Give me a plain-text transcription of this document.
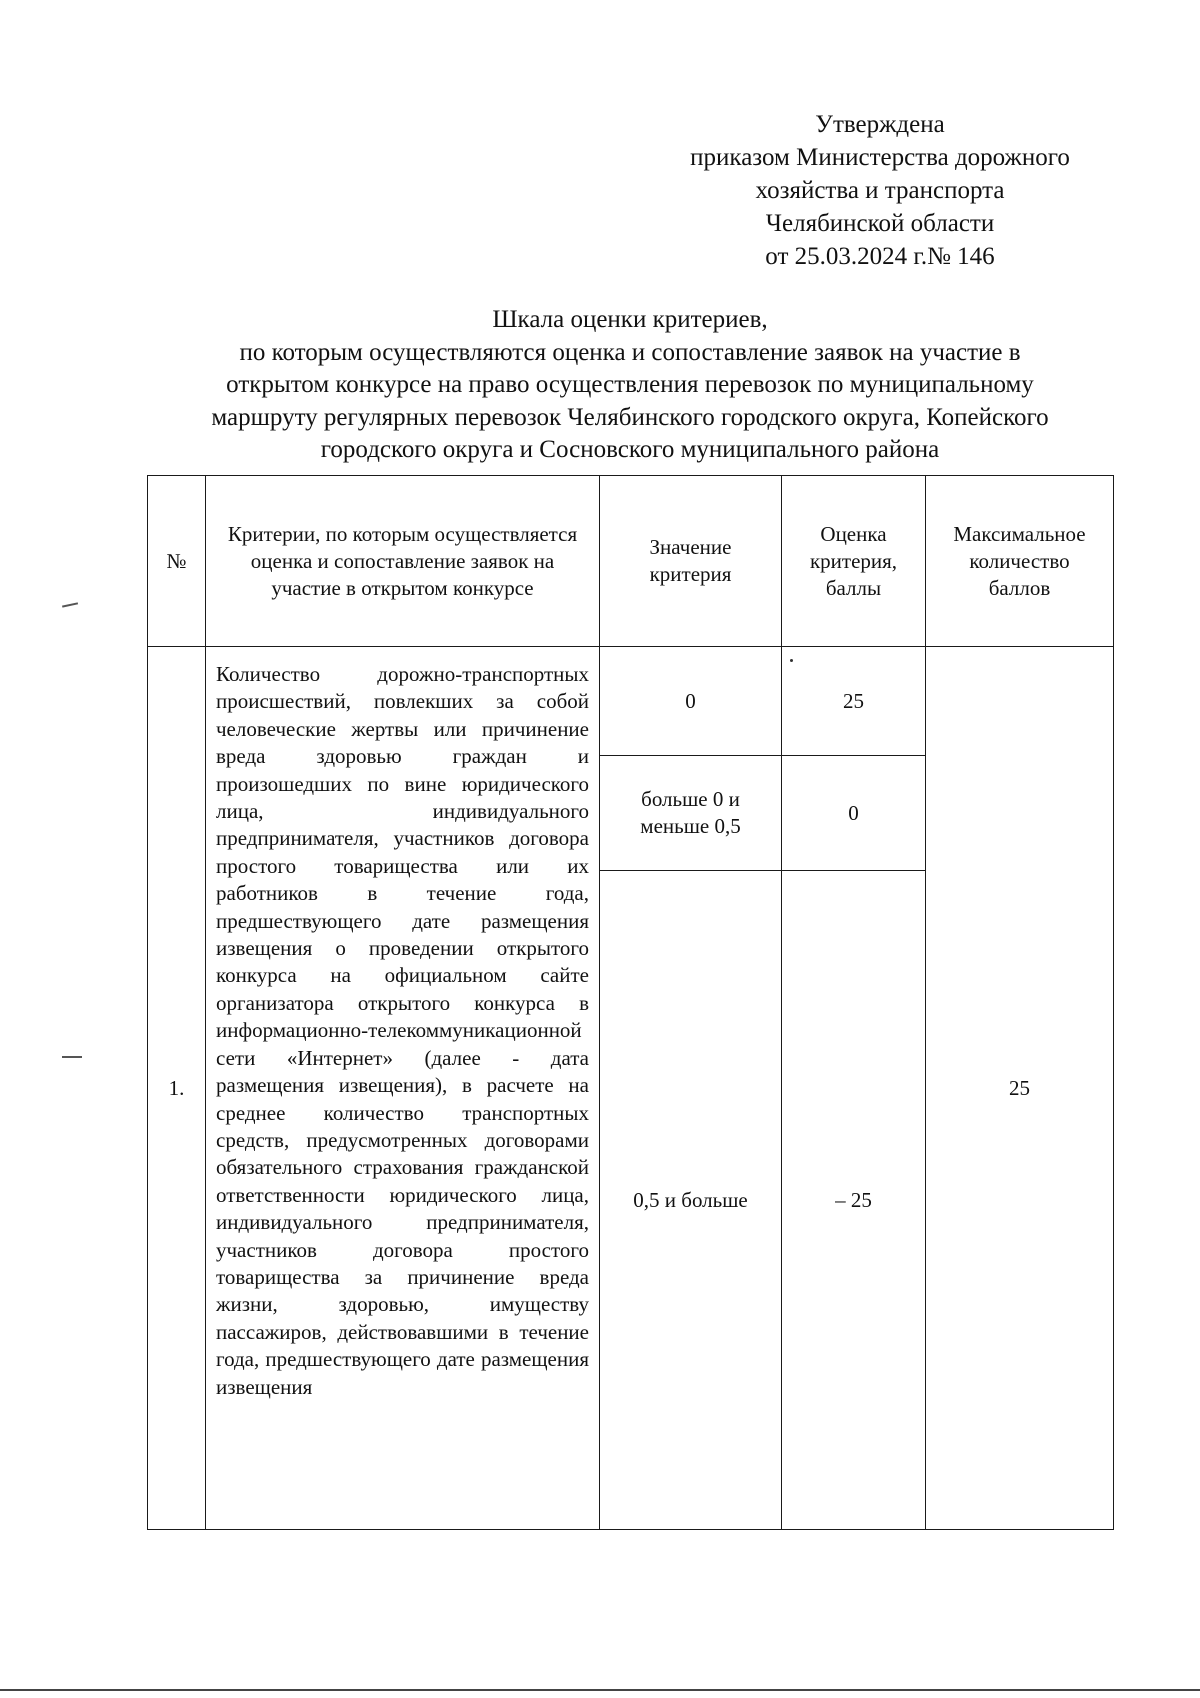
Утверждена
приказом Министерства дорожного
хозяйства и транспорта
Челябинской области
от 25.03.2024 г.№ 146
Шкала оценки критериев,
по которым осуществляются оценка и сопоставление заявок на участие в
открытом конкурсе на право осуществления перевозок по муниципальному
маршруту регулярных перевозок Челябинского городского округа, Копейского
городского округа и Сосновского муниципального района
№	Критерии, по которым осуществляется оценка и сопоставление заявок на участие в открытом конкурсе	Значение критерия	Оценка критерия, баллы	Максимальное количество баллов

1.	Количество дорожно-транспортных происшествий, повлекших за собой человеческие жертвы или причинение вреда здоровью граждан и произошедших по вине юридического лица, индивидуального предпринимателя, участников договора простого товарищества или их работников в течение года, предшествующего дате размещения извещения о проведении открытого конкурса на официальном сайте организатора открытого конкурса в информационно-телекоммуникационной сети «Интернет» (далее - дата размещения извещения), в расчете на среднее количество транспортных средств, предусмотренных договорами обязательного страхования гражданской ответственности юридического лица, индивидуального предпринимателя, участников договора простого товарищества за причинение вреда жизни, здоровью, имуществу пассажиров, действовавшими в течение года, предшествующего дате размещения извещения	0	25	25

		больше 0 и меньше 0,5	0	
		0,5 и больше	– 25	
